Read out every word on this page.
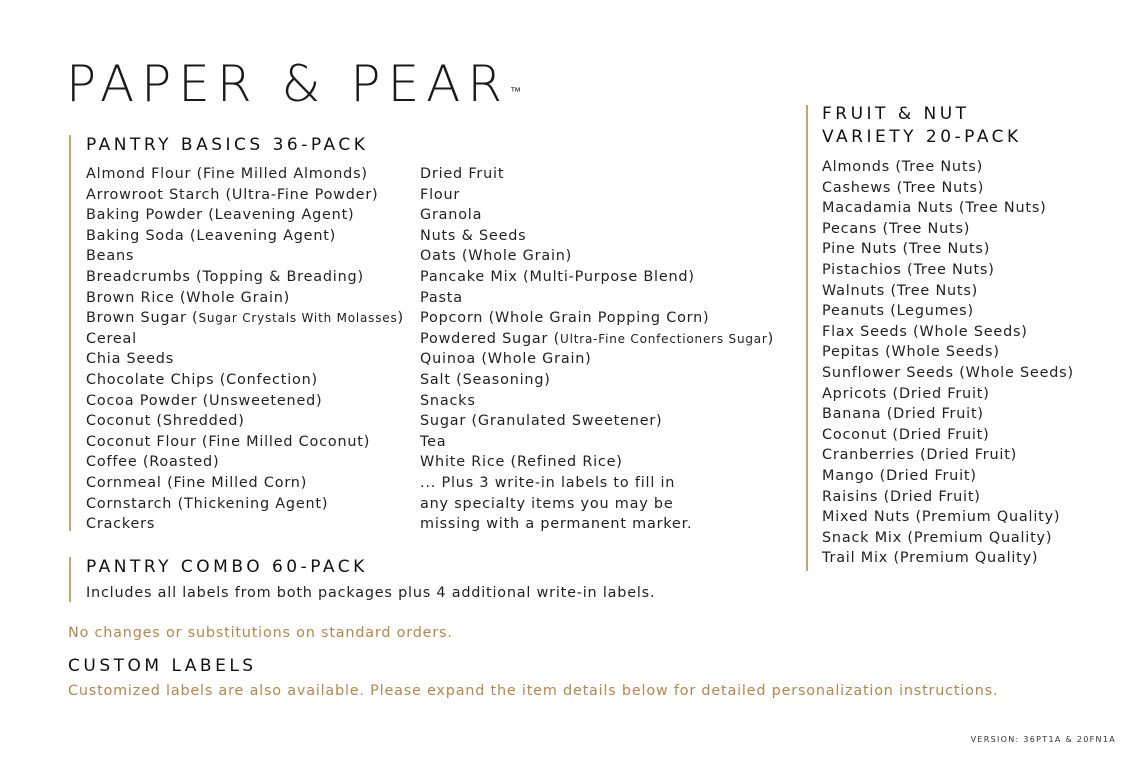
PAPER & PEAR™
PANTRY BASICS 36-PACK
Almond Flour (Fine Milled Almonds)
Arrowroot Starch (Ultra-Fine Powder)
Baking Powder (Leavening Agent)
Baking Soda (Leavening Agent)
Beans
Breadcrumbs (Topping & Breading)
Brown Rice (Whole Grain)
Brown Sugar (Sugar Crystals With Molasses)
Cereal
Chia Seeds
Chocolate Chips (Confection)
Cocoa Powder (Unsweetened)
Coconut (Shredded)
Coconut Flour (Fine Milled Coconut)
Coffee (Roasted)
Cornmeal (Fine Milled Corn)
Cornstarch (Thickening Agent)
Crackers
Dried Fruit
Flour
Granola
Nuts & Seeds
Oats (Whole Grain)
Pancake Mix (Multi-Purpose Blend)
Pasta
Popcorn (Whole Grain Popping Corn)
Powdered Sugar (Ultra-Fine Confectioners Sugar)
Quinoa (Whole Grain)
Salt (Seasoning)
Snacks
Sugar (Granulated Sweetener)
Tea
White Rice (Refined Rice)
... Plus 3 write-in labels to fill in
any specialty items you may be
missing with a permanent marker.
PANTRY COMBO 60-PACK
Includes all labels from both packages plus 4 additional write-in labels.
No changes or substitutions on standard orders.
CUSTOM LABELS
Customized labels are also available. Please expand the item details below for detailed personalization instructions.
FRUIT & NUT
VARIETY 20-PACK
Almonds (Tree Nuts)
Cashews (Tree Nuts)
Macadamia Nuts (Tree Nuts)
Pecans (Tree Nuts)
Pine Nuts (Tree Nuts)
Pistachios (Tree Nuts)
Walnuts (Tree Nuts)
Peanuts (Legumes)
Flax Seeds (Whole Seeds)
Pepitas (Whole Seeds)
Sunflower Seeds (Whole Seeds)
Apricots (Dried Fruit)
Banana (Dried Fruit)
Coconut (Dried Fruit)
Cranberries (Dried Fruit)
Mango (Dried Fruit)
Raisins (Dried Fruit)
Mixed Nuts (Premium Quality)
Snack Mix (Premium Quality)
Trail Mix (Premium Quality)
VERSION: 36PT1A & 20FN1A
